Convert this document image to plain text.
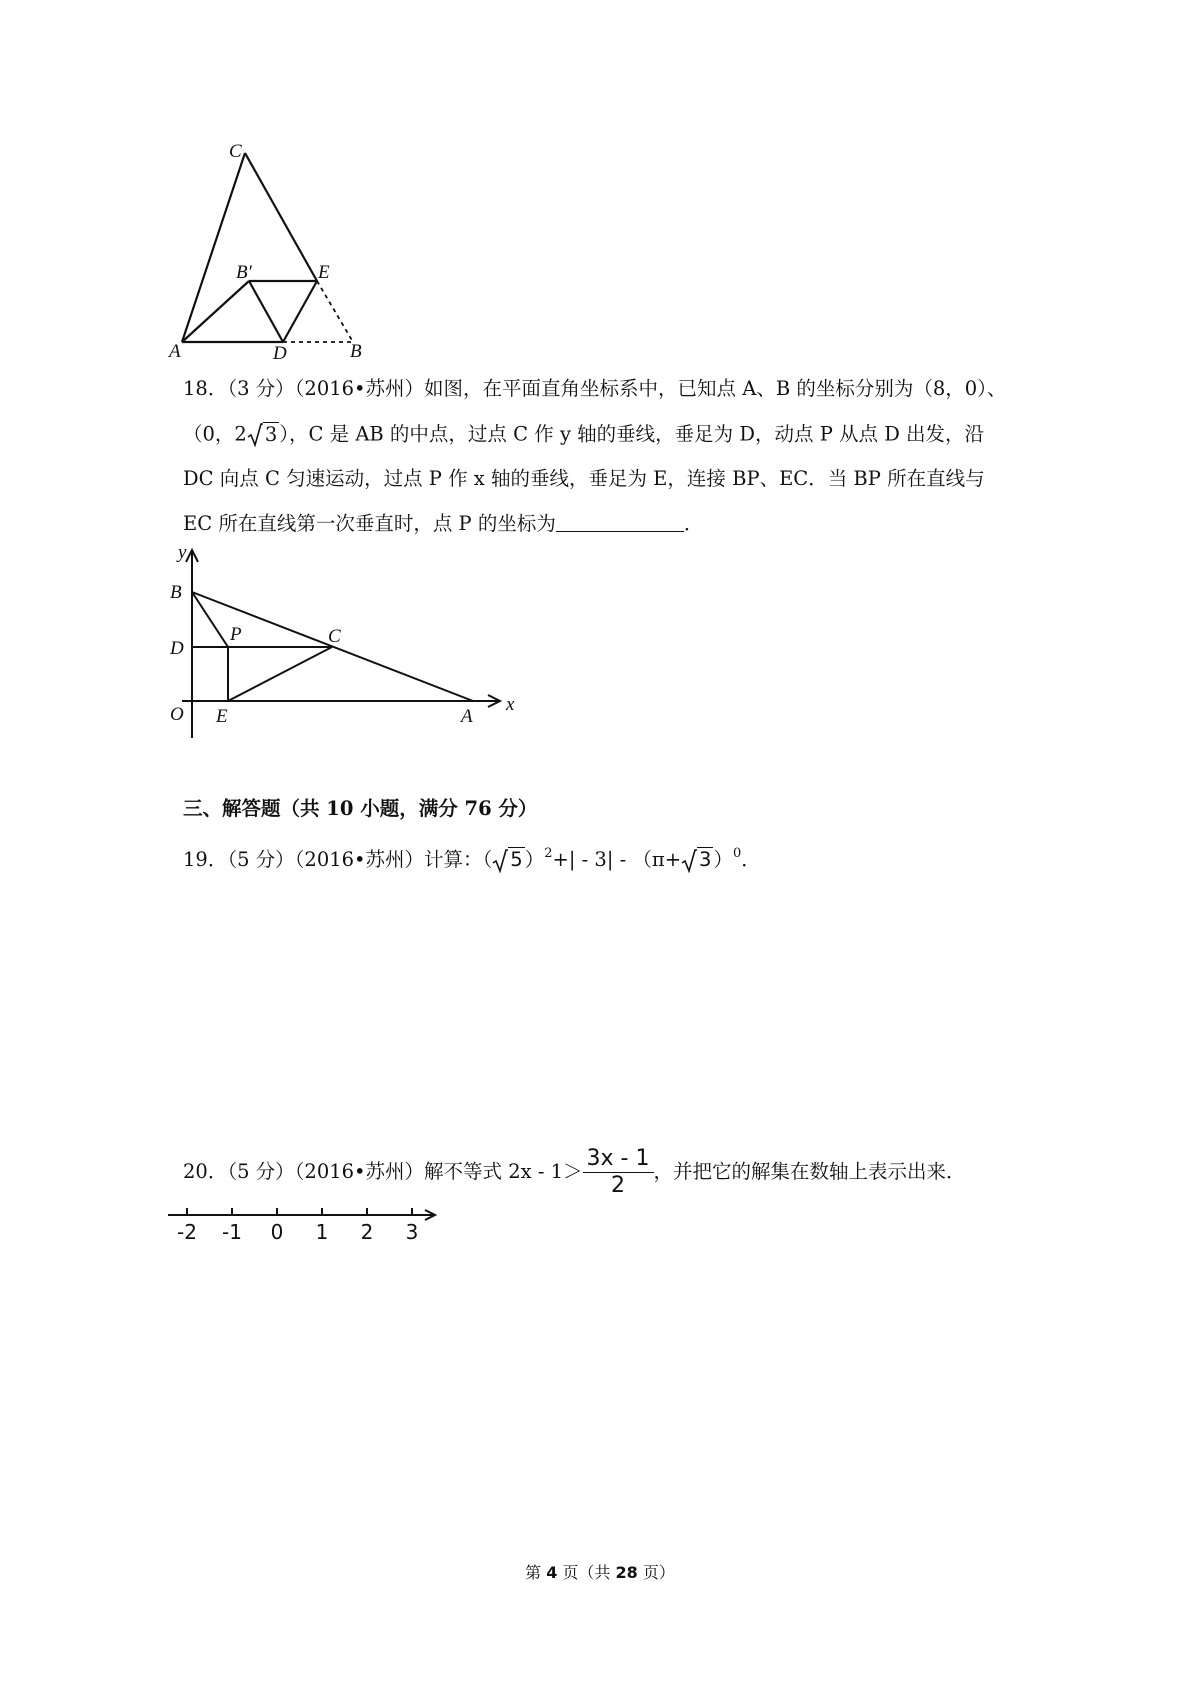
C
B′	E
A	D	B
18．（3 分）（2016•苏州）如图，在平面直角坐标系中，已知点 A、B 的坐标分别为（8，0）、
（0，2 3 ），C 是 AB 的中点，过点 C 作 y 轴的垂线，垂足为 D，动点 P 从点 D 出发，沿
DC 向点 C 匀速运动，过点 P 作 x 轴的垂线，垂足为 E，连接 BP、EC．当 BP 所在直线与
EC 所在直线第一次垂直时，点 P 的坐标为	．
y
B
D
P	C
O E	A
x
三、解答题（共 10 小题，满分 76 分）
19．（5 分）（2016•苏州）计算：（ 5 ）$^2$+| - 3| - （π+ 3 ）$^0$．
20．（5 分）（2016•苏州）解不等式 $2x - 1> \frac{3x - 1}{2}$ ，并把它的解集在数轴上表示出来．
-2 -1 0 1 2 3
第 4 页（共 28 页）
